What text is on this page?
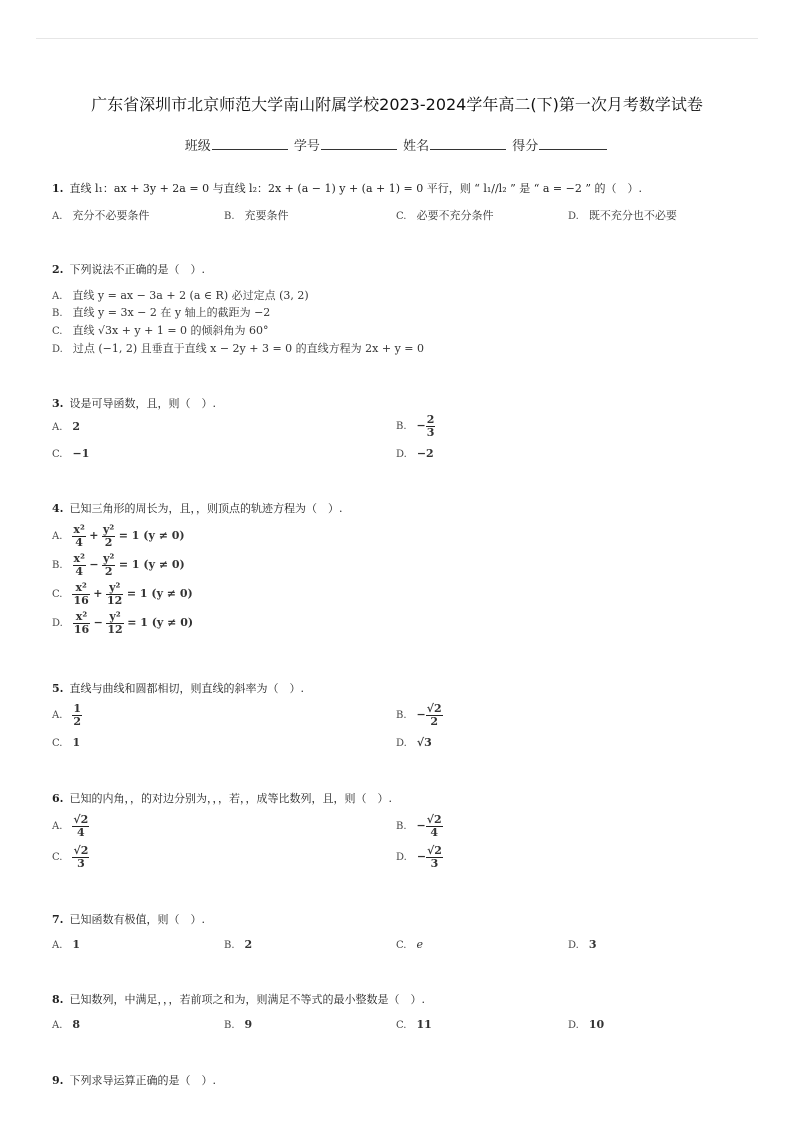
广东省深圳市北京师范大学南山附属学校2023-2024学年高二(下)第一次月考数学试卷
班级	学号	姓名	得分
1. 直线 l₁：ax + 3y + 2a = 0 与直线 l₂：2x + (a − 1) y + (a + 1) = 0 平行，则 “ l₁//l₂ ” 是 “ a = −2 ” 的（　）.
A. 充分不必要条件	B. 充要条件	C. 必要不充分条件	D. 既不充分也不必要
2. 下列说法不正确的是（　）.
A. 直线 y = ax − 3a + 2 (a ∈ R) 必过定点 (3, 2)
B. 直线 y = 3x − 2 在 y 轴上的截距为 −2
C. 直线 √3x + y + 1 = 0 的倾斜角为 60°
D. 过点 (−1, 2) 且垂直于直线 x − 2y + 3 = 0 的直线方程为 2x + y = 0
3. 设是可导函数，且，则（　）.
A. 2	B. − $\frac{2}{3}$
C. −1	D. −2
4. 已知三角形的周长为，且，，则顶点的轨迹方程为（　）.
A. $\frac{\text{x²}}{4} + \frac{\text{y²}}{2} = 1$ (y ≠ 0)
B. $\frac{\text{x²}}{4} - \frac{\text{y²}}{2} = 1$ (y ≠ 0)
C. $\frac{\text{x²}}{16} + \frac{\text{y²}}{12} = 1$ (y ≠ 0)
D. $\frac{\text{x²}}{16} - \frac{\text{y²}}{12} = 1$ (y ≠ 0)
5. 直线与曲线和圆都相切，则直线的斜率为（　）.
A. $\frac{1}{2}$	B. − $\frac{√2}{2}$
C. 1	D. √3
6. 已知的内角，，的对边分别为，，，若，，成等比数列，且，则（　）.
A. $\frac{√2}{4}$	B. − $\frac{√2}{4}$
C. $\frac{√2}{3}$	D. − $\frac{√2}{3}$
7. 已知函数有极值，则（　）.
A. 1	B. 2	C. e	D. 3
8. 已知数列，中满足，，，若前项之和为，则满足不等式的最小整数是（　）.
A. 8	B. 9	C. 11	D. 10
9. 下列求导运算正确的是（　）.
